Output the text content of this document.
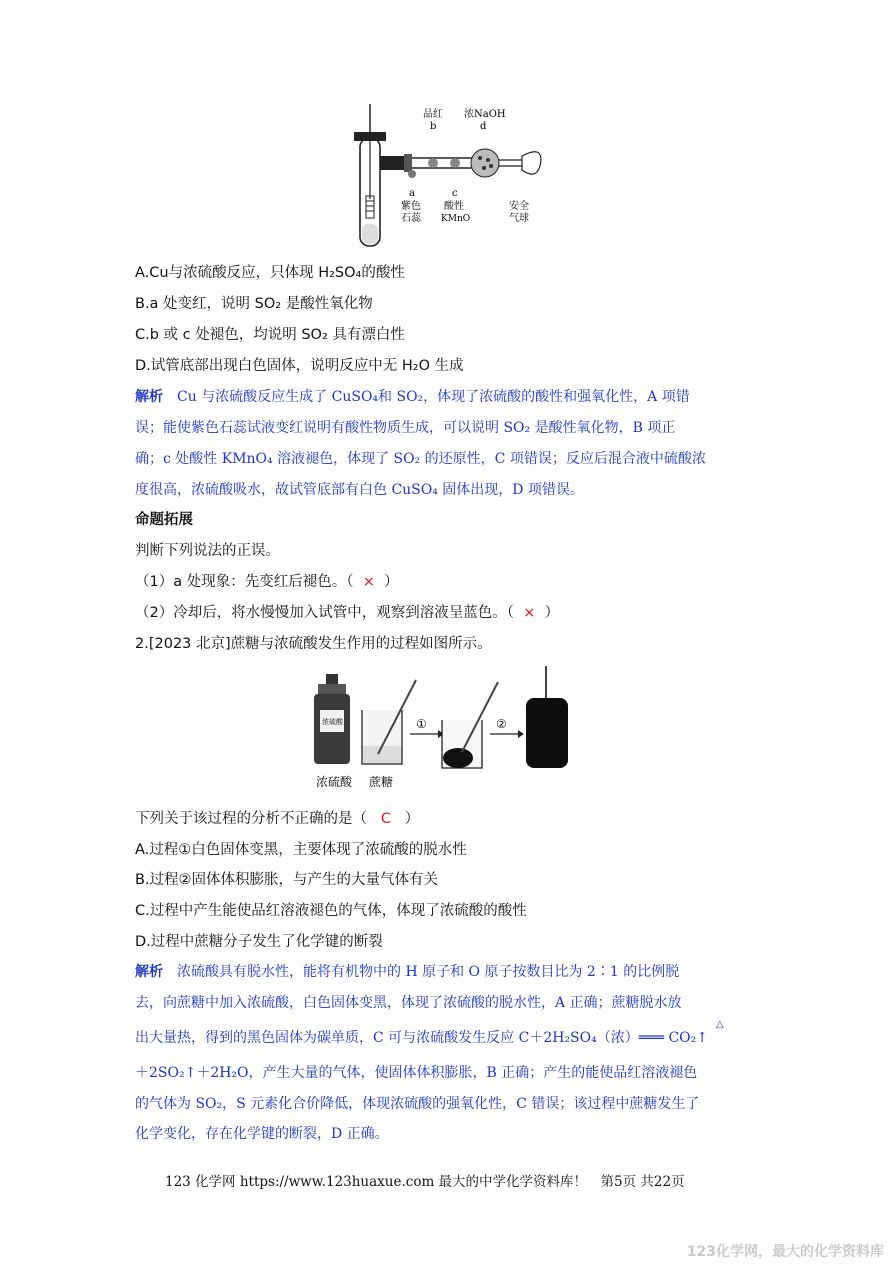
品红
b
浓NaOH
d
a
紫色
石蕊
c
酸性
KMnO
安全
气球
A.Cu与浓硫酸反应，只体现 H₂SO₄的酸性
B.a 处变红，说明 SO₂ 是酸性氧化物
C.b 或 c 处褪色，均说明 SO₂ 具有漂白性
D.试管底部出现白色固体，说明反应中无 H₂O 生成
解析 Cu 与浓硫酸反应生成了 CuSO₄和 SO₂，体现了浓硫酸的酸性和强氧化性，A 项错
误；能使紫色石蕊试液变红说明有酸性物质生成，可以说明 SO₂ 是酸性氧化物，B 项正
确；c 处酸性 KMnO₄ 溶液褪色，体现了 SO₂ 的还原性，C 项错误；反应后混合液中硫酸浓
度很高，浓硫酸吸水，故试管底部有白色 CuSO₄ 固体出现，D 项错误。
命题拓展
判断下列说法的正误。
（1）a 处现象：先变红后褪色。（ × ）
（2）冷却后，将水慢慢加入试管中，观察到溶液呈蓝色。（ × ）
2.[2023 北京]蔗糖与浓硫酸发生作用的过程如图所示。
浓硫酸	①	②
浓硫酸 蔗糖
下列关于该过程的分析不正确的是（ C ）
A.过程①白色固体变黑，主要体现了浓硫酸的脱水性
B.过程②固体体积膨胀，与产生的大量气体有关
C.过程中产生能使品红溶液褪色的气体，体现了浓硫酸的酸性
D.过程中蔗糖分子发生了化学键的断裂
解析 浓硫酸具有脱水性，能将有机物中的 H 原子和 O 原子按数目比为 2∶1 的比例脱
去，向蔗糖中加入浓硫酸，白色固体变黑，体现了浓硫酸的脱水性，A 正确；蔗糖脱水放
出大量热，得到的黑色固体为碳单质，C 可与浓硫酸发生反应 C＋2H₂SO₄（浓）═══ CO₂↑
△
＋2SO₂↑＋2H₂O，产生大量的气体，使固体体积膨胀，B 正确；产生的能使品红溶液褪色
的气体为 SO₂，S 元素化合价降低，体现浓硫酸的强氧化性，C 错误；该过程中蔗糖发生了
化学变化，存在化学键的断裂，D 正确。
123 化学网 https://www.123huaxue.com 最大的中学化学资料库！　第5页 共22页
123化学网，最大的化学资料库
